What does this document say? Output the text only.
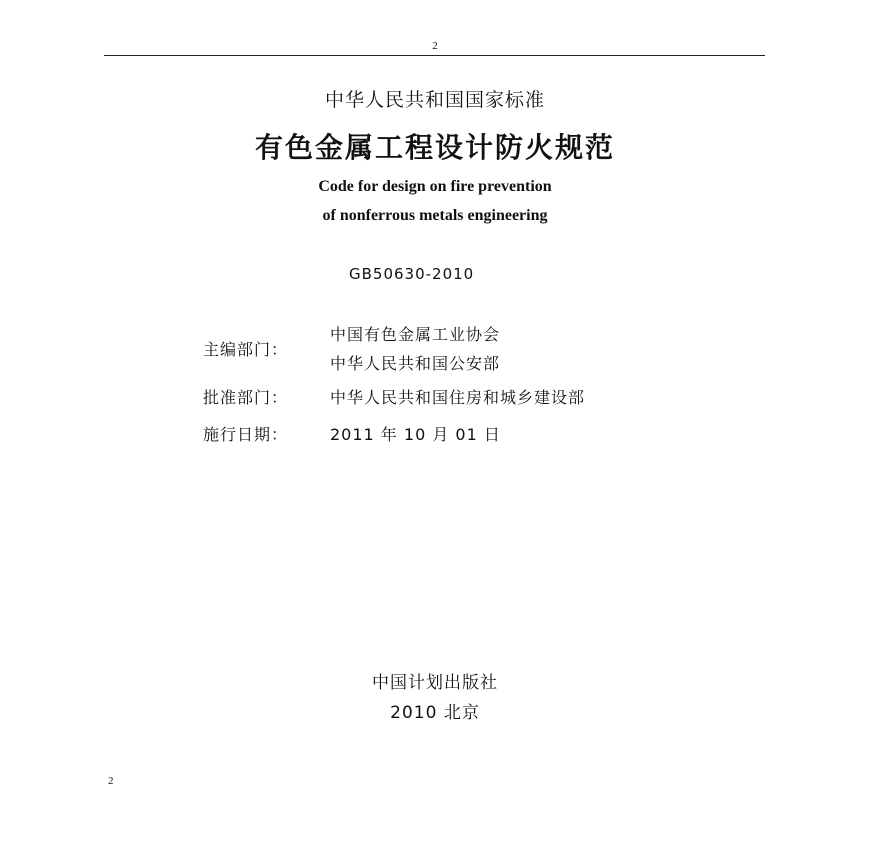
2
中华人民共和国国家标准
有色金属工程设计防火规范
Code for design on fire prevention
of nonferrous metals engineering
GB50630-2010
中国有色金属工业协会
主编部门：
中华人民共和国公安部
批准部门：	中华人民共和国住房和城乡建设部
施行日期：	2011 年 10 月 01 日
中国计划出版社
2010 北京
2
